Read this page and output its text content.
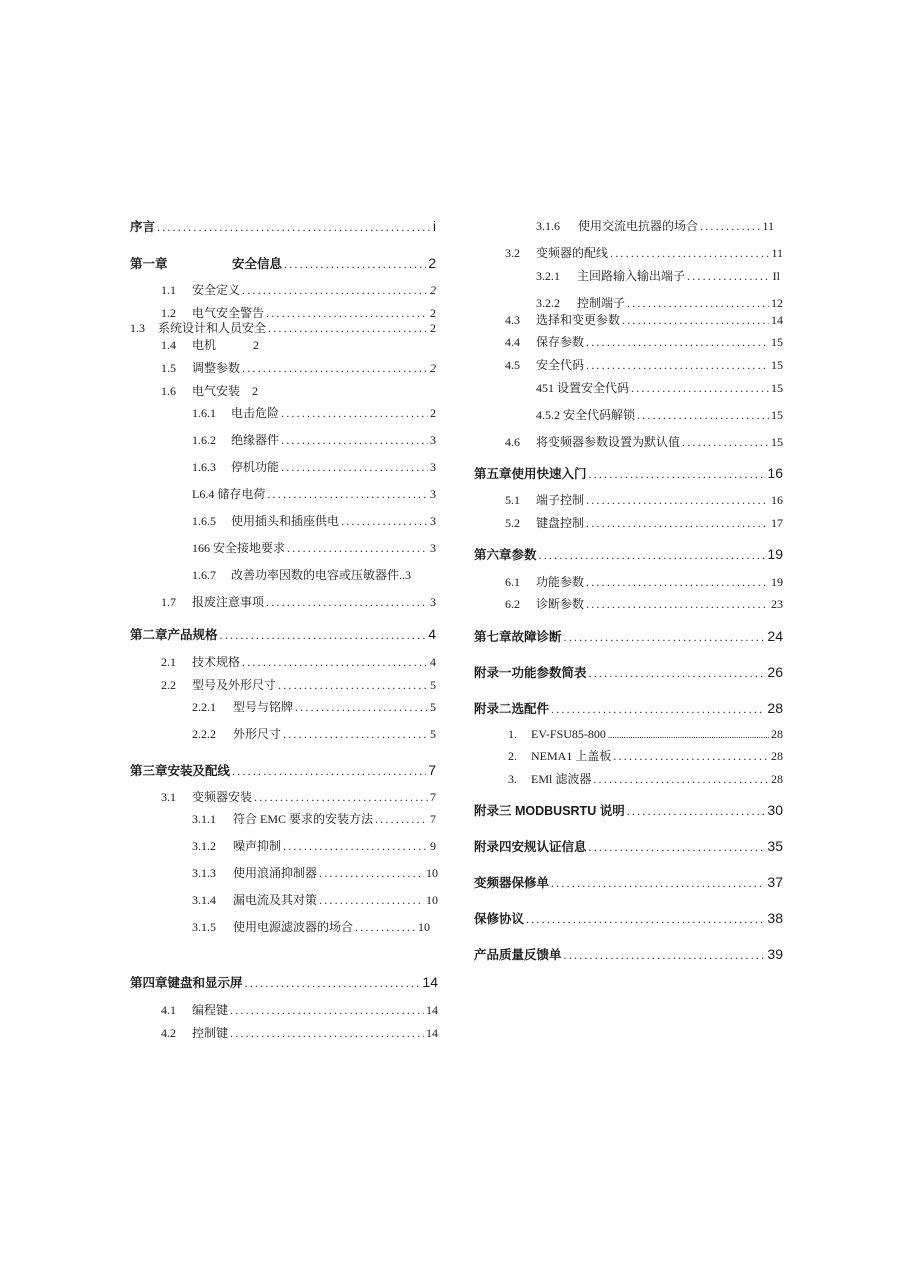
序言 .....	i
第一章	安全信息 .....	2
1.1	安全定义 .....	2
1.2	电气安全警告 .....	2
1.3	系统设计和人员安全 .....	2
1.4	电机	2
1.5	调整参数 .....	2
1.6	电气安装 2
1.6.1	电击危险 .....	2
1.6.2	绝缘器件 .....	3
1.6.3	停机功能 .....	3
L6.4 储存电荷 .....	3
1.6.5	使用插头和插座供电 .....	3
166 安全接地要求 .....	3
1.6.7	改善功率因数的电容或压敏器件..3
1.7	报废注意事项 .....	3
第二章产品规格 .....	4
2.1	技术规格 .....	4
2.2	型号及外形尺寸 .....	5
2.2.1	型号与铭牌 .....	5
2.2.2	外形尺寸 .....	5
第三章安装及配线 .....	7
3.1	变频器安装 .....	7
3.1.1	符合 EMC 要求的安装方法 .....	7
3.1.2	噪声抑制 .....	9
3.1.3	使用浪涌抑制器 .....	10
3.1.4	漏电流及其对策 .....	10
3.1.5	使用电源滤波器的场合 .....	10
第四章键盘和显示屏 .....	14
4.1	编程键 .....	14
4.2	控制键 .....	14
3.1.6	使用交流电抗器的场合 .....	11
3.2	变频器的配线 .....	11
3.2.1	主回路输入输出端子 .....	Il
3.2.2	控制端子 .....	12
4.3	选择和变更参数 .....	14
4.4	保存参数 .....	15
4.5	安全代码 .....	15
451 设置安全代码 .....	15
4.5.2 安全代码解锁 .....	15
4.6	将变频器参数设置为默认值 .....	15
第五章使用快速入门 .....	16
5.1	端子控制 .....	16
5.2	键盘控制 .....	17
第六章参数 .....	19
6.1	功能参数 .....	19
6.2	诊断参数 .....	23
第七章故障诊断 .....	24
附录一功能参数简表 .....	26
附录二选配件 .....	28
1.	EV-FSU85-800 .....	28
2.	NEMA1 上盖板 .....	28
3.	EMl 滤波器 .....	28
附录三 MODBUSRTU 说明 .....	30
附录四安规认证信息 .....	35
变频器保修单 .....	37
保修协议 .....	38
产品质量反馈单 .....	39
